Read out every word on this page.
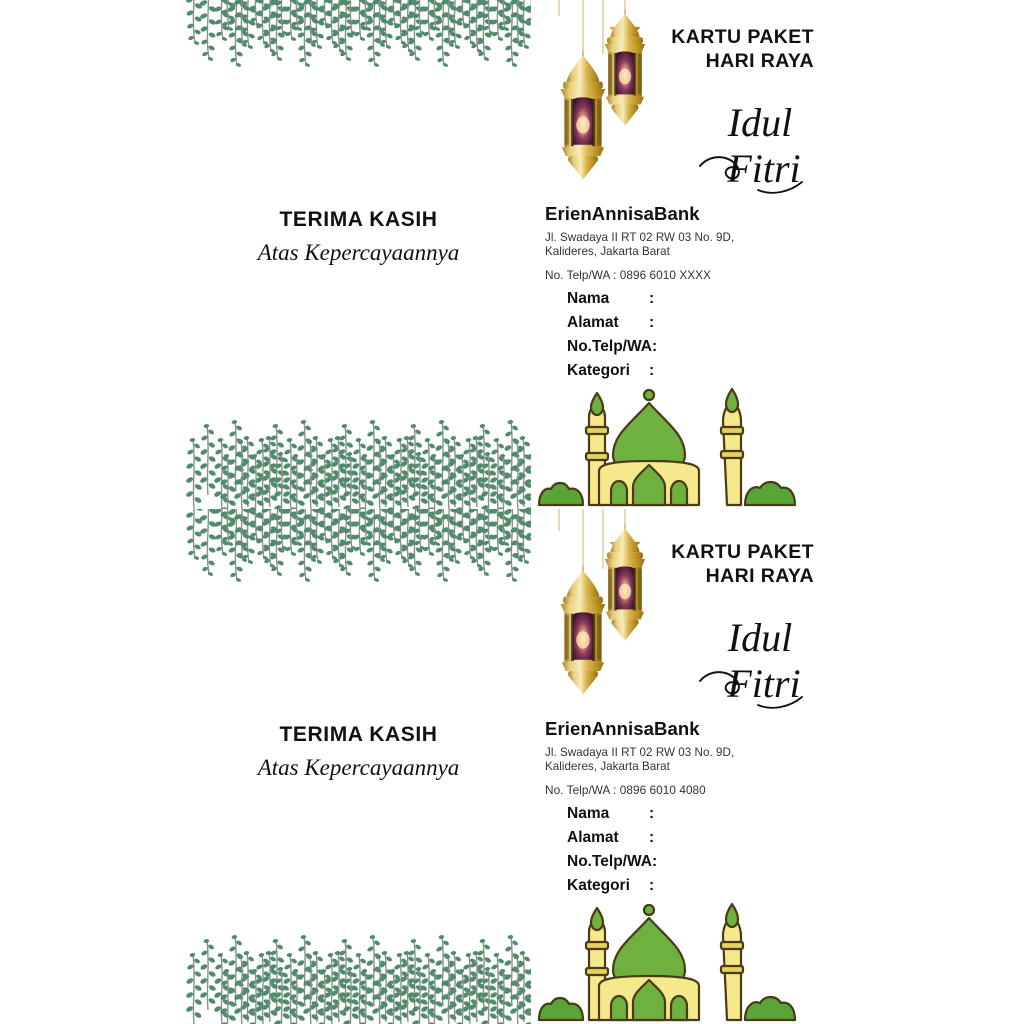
TERIMA KASIH
Atas Kepercayaannya
KARTU PAKET
HARI RAYA
Idul
Fitri
ErienAnnisaBank
Jl. Swadaya II RT 02 RW 03 No. 9D,
Kalideres, Jakarta Barat
No. Telp/WA : 0896 6010 XXXX
Nama	:
Alamat	:
No.Telp/WA:
Kategori	:
TERIMA KASIH
Atas Kepercayaannya
KARTU PAKET
HARI RAYA
Idul
Fitri
ErienAnnisaBank
Jl. Swadaya II RT 02 RW 03 No. 9D,
Kalideres, Jakarta Barat
No. Telp/WA : 0896 6010 4080
Nama	:
Alamat	:
No.Telp/WA:
Kategori	:
